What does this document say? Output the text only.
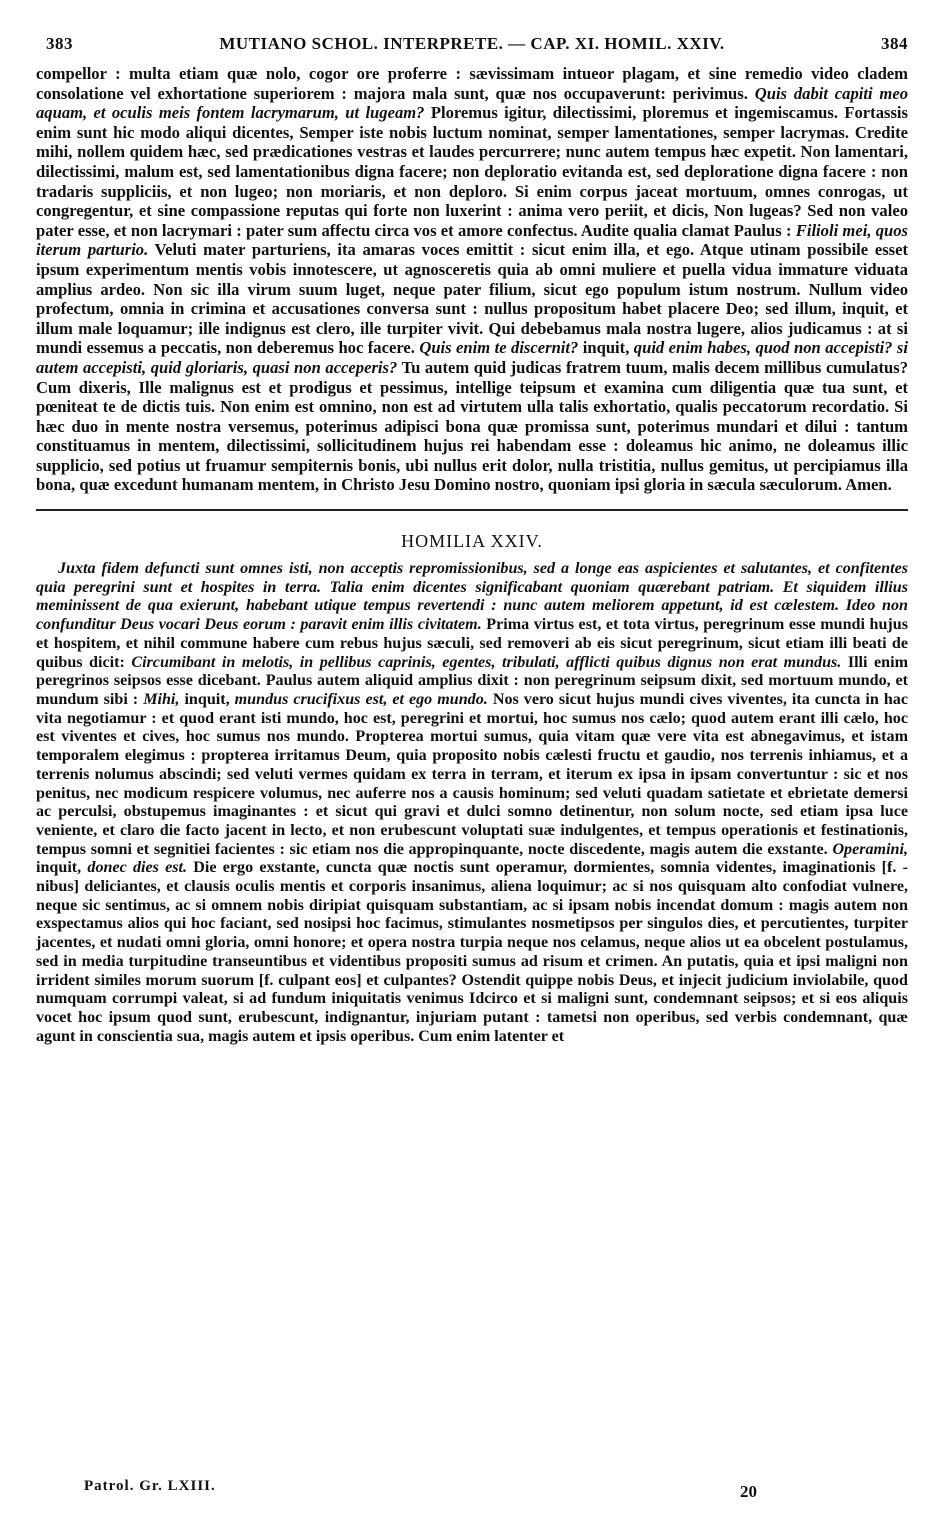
383	MUTIANO SCHOL. INTERPRETE. — CAP. XI. HOMIL. XXIV.	384

compellor : multa etiam quæ nolo, cogor ore proferre : sævissimam intueor plagam, et sine remedio video cladem consolatione vel exhortatione superiorem : majora mala sunt, quæ nos occupaverunt: perivimus. Quis dabit capiti meo aquam, et oculis meis fontem lacrymarum, ut lugeam? Ploremus igitur, dilectissimi, ploremus et ingemiscamus. Fortassis enim sunt hic modo aliqui dicentes, Semper iste nobis luctum nominat, semper lamentationes, semper lacrymas. Credite mihi, nollem quidem hæc, sed prædicationes vestras et laudes percurrere; nunc autem tempus hæc expetit. Non lamentari, dilectissimi, malum est, sed lamentationibus digna facere; non deploratio evitanda est, sed deploratione digna facere : non tradaris suppliciis, et non lugeo; non moriaris, et non deploro. Si enim corpus jaceat mortuum, omnes conrogas, ut congregentur, et sine compassione reputas qui forte non luxerint : anima vero periit, et dicis, Non lugeas? Sed non valeo pater esse, et non lacrymari : pater sum affectu circa vos et amore confectus. Audite qualia clamat Paulus : Filioli mei, quos iterum parturio. Veluti mater parturiens, ita amaras voces emittit : sicut enim illa, et ego. Atque utinam possibile esset ipsum experimentum mentis vobis innotescere, ut agnosceretis quia ab omni muliere et puella vidua immature viduata amplius ardeo. Non sic illa virum suum luget, neque pater filium, sicut ego populum istum nostrum. Nullum video profectum, omnia in crimina et accusationes conversa sunt : nullus propositum habet placere Deo; sed illum, inquit, et illum male loquamur; ille indignus est clero, ille turpiter vivit. Qui debebamus mala nostra lugere, alios judicamus : at si mundi essemus a peccatis, non deberemus hoc facere. Quis enim te discernit? inquit, quid enim habes, quod non accepisti? si autem accepisti, quid gloriaris, quasi non acceperis? Tu autem quid judicas fratrem tuum, malis decem millibus cumulatus? Cum dixeris, Ille malignus est et prodigus et pessimus, intellige teipsum et examina cum diligentia quæ tua sunt, et pœniteat te de dictis tuis. Non enim est omnino, non est ad virtutem ulla talis exhortatio, qualis peccatorum recordatio. Si hæc duo in mente nostra versemus, poterimus adipisci bona quæ promissa sunt, poterimus mundari et dilui : tantum constituamus in mentem, dilectissimi, sollicitudinem hujus rei habendam esse : doleamus hic animo, ne doleamus illic supplicio, sed potius ut fruamur sempiternis bonis, ubi nullus erit dolor, nulla tristitia, nullus gemitus, ut percipiamus illa bona, quæ excedunt humanam mentem, in Christo Jesu Domino nostro, quoniam ipsi gloria in sæcula sæculorum. Amen.

HOMILIA XXIV.

Juxta fidem defuncti sunt omnes isti, non acceptis repromissionibus, sed a longe eas aspicientes et salutantes, et confitentes quia peregrini sunt et hospites in terra. Talia enim dicentes significabant quoniam quærebant patriam. Et siquidem illius meminissent de qua exierunt, habebant utique tempus revertendi : nunc autem meliorem appetunt, id est cælestem. Ideo non confunditur Deus vocari Deus eorum : paravit enim illis civitatem. Prima virtus est, et tota virtus, peregrinum esse mundi hujus et hospitem, et nihil commune habere cum rebus hujus sæculi, sed removeri ab eis sicut peregrinum, sicut etiam illi beati de quibus dicit: Circumibant in melotis, in pellibus caprinis, egentes, tribulati, afflicti quibus dignus non erat mundus. Illi enim peregrinos seipsos esse dicebant. Paulus autem aliquid amplius dixit : non peregrinum seipsum dixit, sed mortuum mundo, et mundum sibi : Mihi, inquit, mundus crucifixus est, et ego mundo. Nos vero sicut hujus mundi cives viventes, ita cuncta in hac vita negotiamur : et quod erant isti mundo, hoc est, peregrini et mortui, hoc sumus nos cælo; quod autem erant illi cælo, hoc est viventes et cives, hoc sumus nos mundo. Propterea mortui sumus, quia vitam quæ vere vita est abnegavimus, et istam temporalem elegimus : propterea irritamus Deum, quia proposito nobis cælesti fructu et gaudio, nos terrenis inhiamus, et a terrenis nolumus abscindi; sed veluti vermes quidam ex terra in terram, et iterum ex ipsa in ipsam convertuntur : sic et nos penitus, nec modicum respicere volumus, nec auferre nos a causis hominum; sed veluti quadam satietate et ebrietate demersi ac perculsi, obstupemus imaginantes : et sicut qui gravi et dulci somno detinentur, non solum nocte, sed etiam ipsa luce veniente, et claro die facto jacent in lecto, et non erubescunt voluptati suæ indulgentes, et tempus operationis et festinationis, tempus somni et segnitiei facientes : sic etiam nos die appropinquante, nocte discedente, magis autem die exstante. Operamini, inquit, donec dies est. Die ergo exstante, cuncta quæ noctis sunt operamur, dormientes, somnia videntes, imaginationis [f. -nibus] deliciantes, et clausis oculis mentis et corporis insanimus, aliena loquimur; ac si nos quisquam alto confodiat vulnere, neque sic sentimus, ac si omnem nobis diripiat quisquam substantiam, ac si ipsam nobis incendat domum : magis autem non exspectamus alios qui hoc faciant, sed nosipsi hoc facimus, stimulantes nosmetipsos per singulos dies, et percutientes, turpiter jacentes, et nudati omni gloria, omni honore; et opera nostra turpia neque nos celamus, neque alios ut ea obcelent postulamus, sed in media turpitudine transeuntibus et videntibus propositi sumus ad risum et crimen. An putatis, quia et ipsi maligni non irrident similes morum suorum [f. culpant eos] et culpantes? Ostendit quippe nobis Deus, et injecit judicium inviolabile, quod numquam corrumpi valeat, si ad fundum iniquitatis venimus Idcirco et si maligni sunt, condemnant seipsos; et si eos aliquis vocet hoc ipsum quod sunt, erubescunt, indignantur, injuriam putant : tametsi non operibus, sed verbis condemnant, quæ agunt in conscientia sua, magis autem et ipsis operibus. Cum enim latenter et

Patrol. Gr. LXIII.	20
